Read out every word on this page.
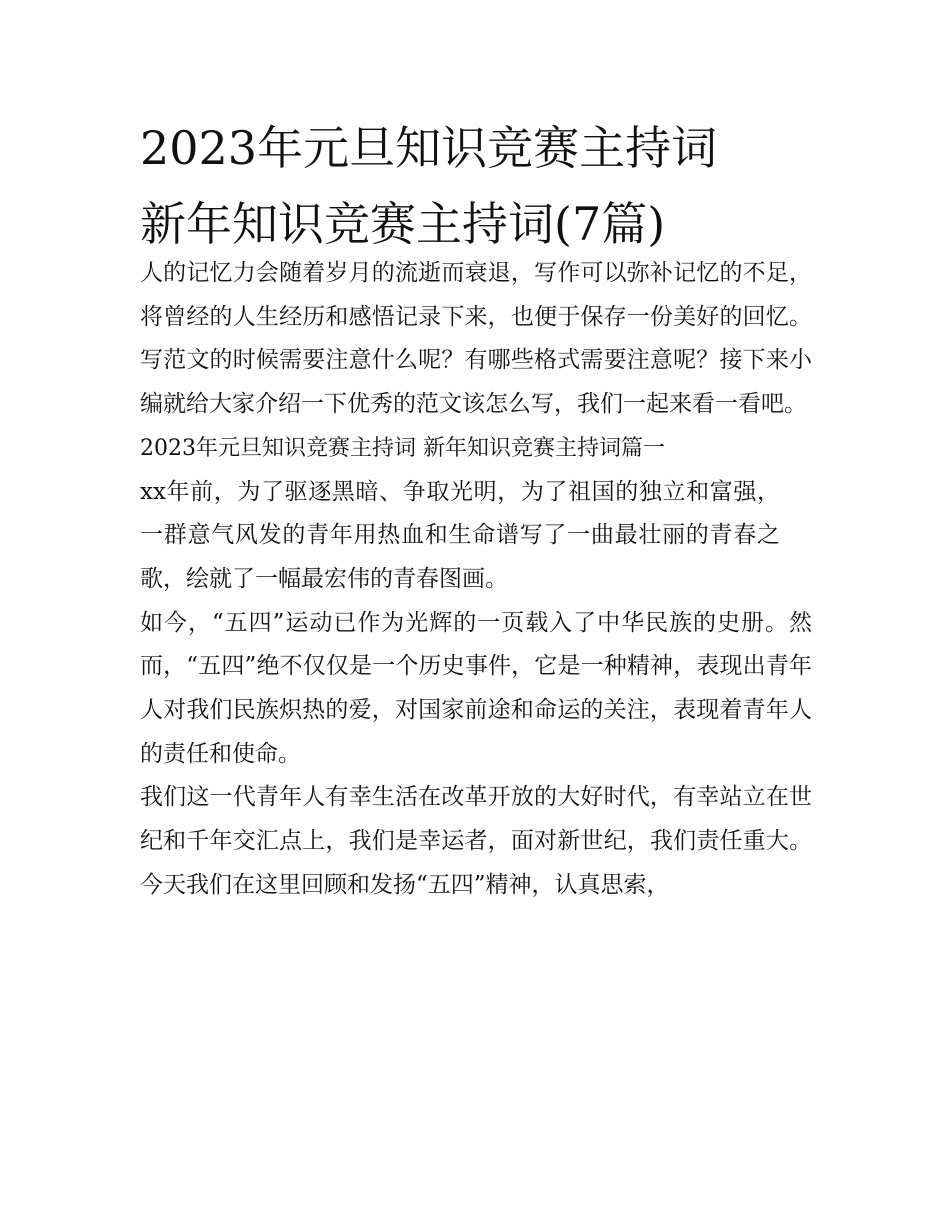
2023年元旦知识竞赛主持词
新年知识竞赛主持词(7篇)

人的记忆力会随着岁月的流逝而衰退，写作可以弥补记忆的不足，将曾经的人生经历和感悟记录下来，也便于保存一份美好的回忆。写范文的时候需要注意什么呢？有哪些格式需要注意呢？接下来小编就给大家介绍一下优秀的范文该怎么写，我们一起来看一看吧。

2023年元旦知识竞赛主持词 新年知识竞赛主持词篇一

xx年前，为了驱逐黑暗、争取光明，为了祖国的独立和富强，一群意气风发的青年用热血和生命谱写了一曲最壮丽的青春之歌，绘就了一幅最宏伟的青春图画。

如今，“五四”运动已作为光辉的一页载入了中华民族的史册。然而，“五四”绝不仅仅是一个历史事件，它是一种精神，表现出青年人对我们民族炽热的爱，对国家前途和命运的关注，表现着青年人的责任和使命。

我们这一代青年人有幸生活在改革开放的大好时代，有幸站立在世纪和千年交汇点上，我们是幸运者，面对新世纪，我们责任重大。今天我们在这里回顾和发扬“五四”精神，认真思索，
